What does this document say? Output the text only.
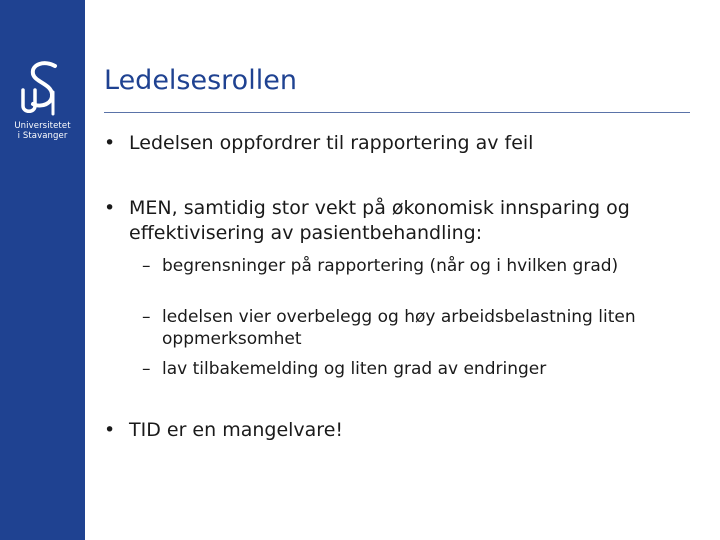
Universitetet
i Stavanger
Ledelsesrollen
• Ledelsen oppfordrer til rapportering av feil
• MEN, samtidig stor vekt på økonomisk innsparing og effektivisering av pasientbehandling:
– begrensninger på rapportering (når og i hvilken grad)
– ledelsen vier overbelegg og høy arbeidsbelastning liten oppmerksomhet
– lav tilbakemelding og liten grad av endringer
• TID er en mangelvare!
